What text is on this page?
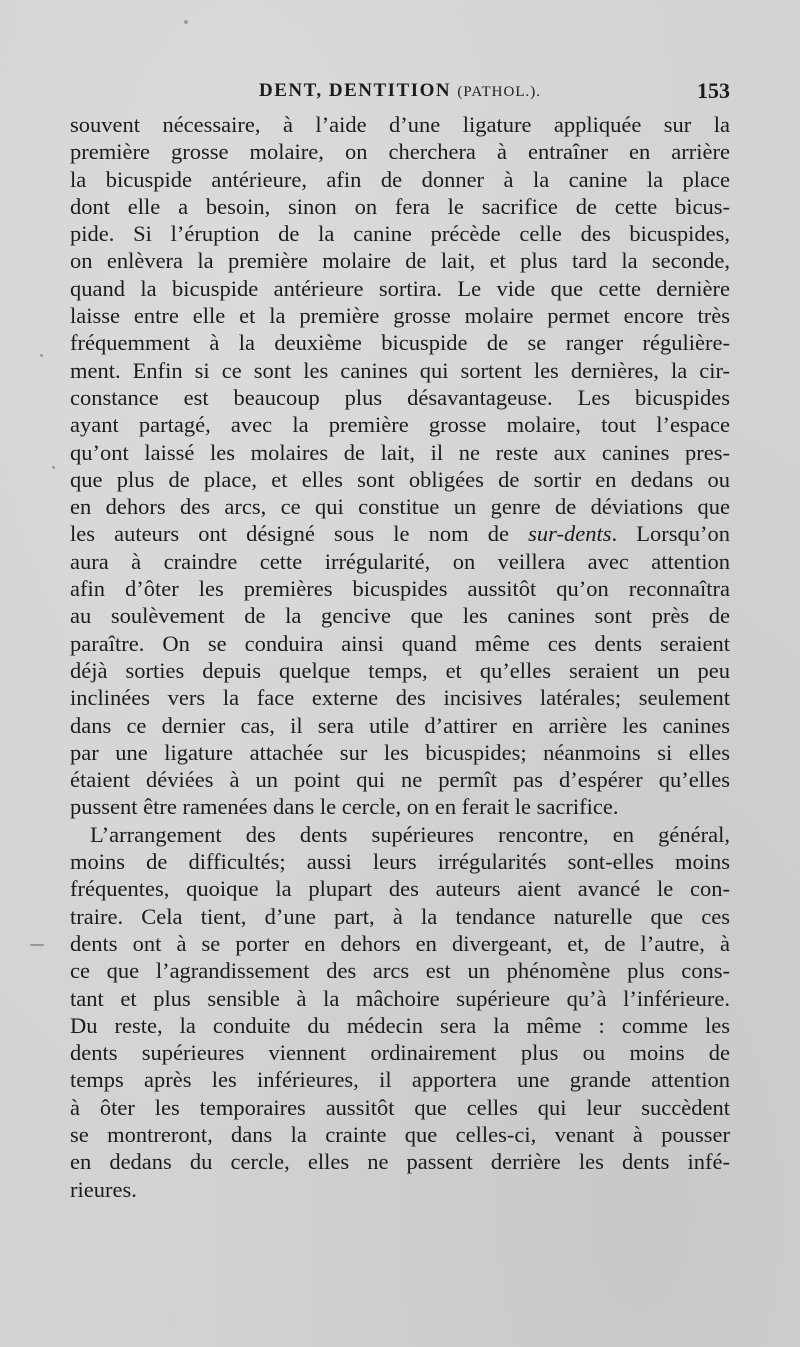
DENT, DENTITION (PATHOL.).	153
souvent nécessaire, à l’aide d’une ligature appliquée sur la
première grosse molaire, on cherchera à entraîner en arrière
la bicuspide antérieure, afin de donner à la canine la place
dont elle a besoin, sinon on fera le sacrifice de cette bicus-
pide. Si l’éruption de la canine précède celle des bicuspides,
on enlèvera la première molaire de lait, et plus tard la seconde,
quand la bicuspide antérieure sortira. Le vide que cette dernière
laisse entre elle et la première grosse molaire permet encore très
fréquemment à la deuxième bicuspide de se ranger régulière-
ment. Enfin si ce sont les canines qui sortent les dernières, la cir-
constance est beaucoup plus désavantageuse. Les bicuspides
ayant partagé, avec la première grosse molaire, tout l’espace
qu’ont laissé les molaires de lait, il ne reste aux canines pres-
que plus de place, et elles sont obligées de sortir en dedans ou
en dehors des arcs, ce qui constitue un genre de déviations que
les auteurs ont désigné sous le nom de sur-dents. Lorsqu’on
aura à craindre cette irrégularité, on veillera avec attention
afin d’ôter les premières bicuspides aussitôt qu’on reconnaîtra
au soulèvement de la gencive que les canines sont près de
paraître. On se conduira ainsi quand même ces dents seraient
déjà sorties depuis quelque temps, et qu’elles seraient un peu
inclinées vers la face externe des incisives latérales; seulement
dans ce dernier cas, il sera utile d’attirer en arrière les canines
par une ligature attachée sur les bicuspides; néanmoins si elles
étaient déviées à un point qui ne permît pas d’espérer qu’elles
pussent être ramenées dans le cercle, on en ferait le sacrifice.
L’arrangement des dents supérieures rencontre, en général,
moins de difficultés; aussi leurs irrégularités sont-elles moins
fréquentes, quoique la plupart des auteurs aient avancé le con-
traire. Cela tient, d’une part, à la tendance naturelle que ces
dents ont à se porter en dehors en divergeant, et, de l’autre, à
ce que l’agrandissement des arcs est un phénomène plus cons-
tant et plus sensible à la mâchoire supérieure qu’à l’inférieure.
Du reste, la conduite du médecin sera la même : comme les
dents supérieures viennent ordinairement plus ou moins de
temps après les inférieures, il apportera une grande attention
à ôter les temporaires aussitôt que celles qui leur succèdent
se montreront, dans la crainte que celles-ci, venant à pousser
en dedans du cercle, elles ne passent derrière les dents infé-
rieures.
